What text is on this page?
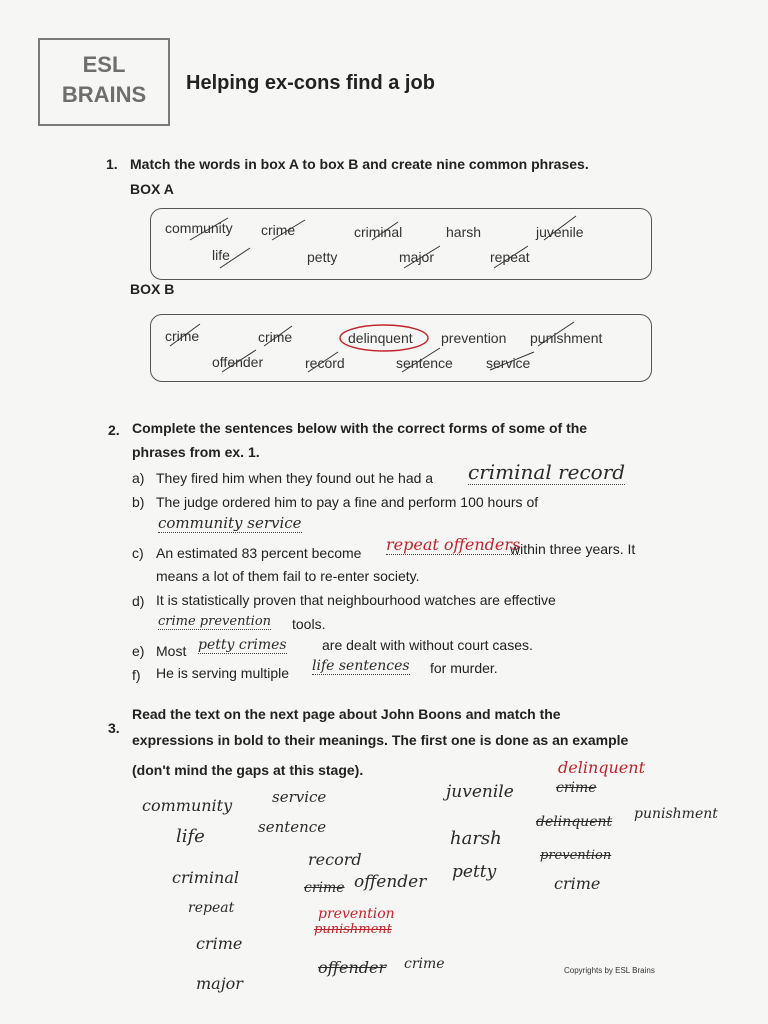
ESL
BRAINS	Helping ex-cons find a job
1. Match the words in box A to box B and create nine common phrases.
BOX A
community crime	criminal	harsh	juvenile
life	petty	major	repeat
BOX B
crime	crime	delinquent prevention punishment
offender	record	sentence service
2. Complete the sentences below with the correct forms of some of the
phrases from ex. 1.
a) They fired him when they found out he had a criminal record
b) The judge ordered him to pay a fine and perform 100 hours of
community service
c) An estimated 83 percent become repeat offenders
within three years. It
means a lot of them fail to re-enter society.
d) It is statistically proven that neighbourhood watches are effective
crime prevention tools.
e) Most petty crimes	are dealt with without court cases.
f) He is serving multiple life sentences for murder.
3.
Read the text on the next page about John Boons and match the
expressions in bold to their meanings. The first one is done as an example
(don't mind the gaps at this stage).
community	service	juvenile
delinquent
crime
life	sentence
harsh
delinquent punishment
criminal
record
petty
prevention
crime
repeat
crime offender
prevention
punishment
crime
major
offender crime	Copyrights by ESL Brains
